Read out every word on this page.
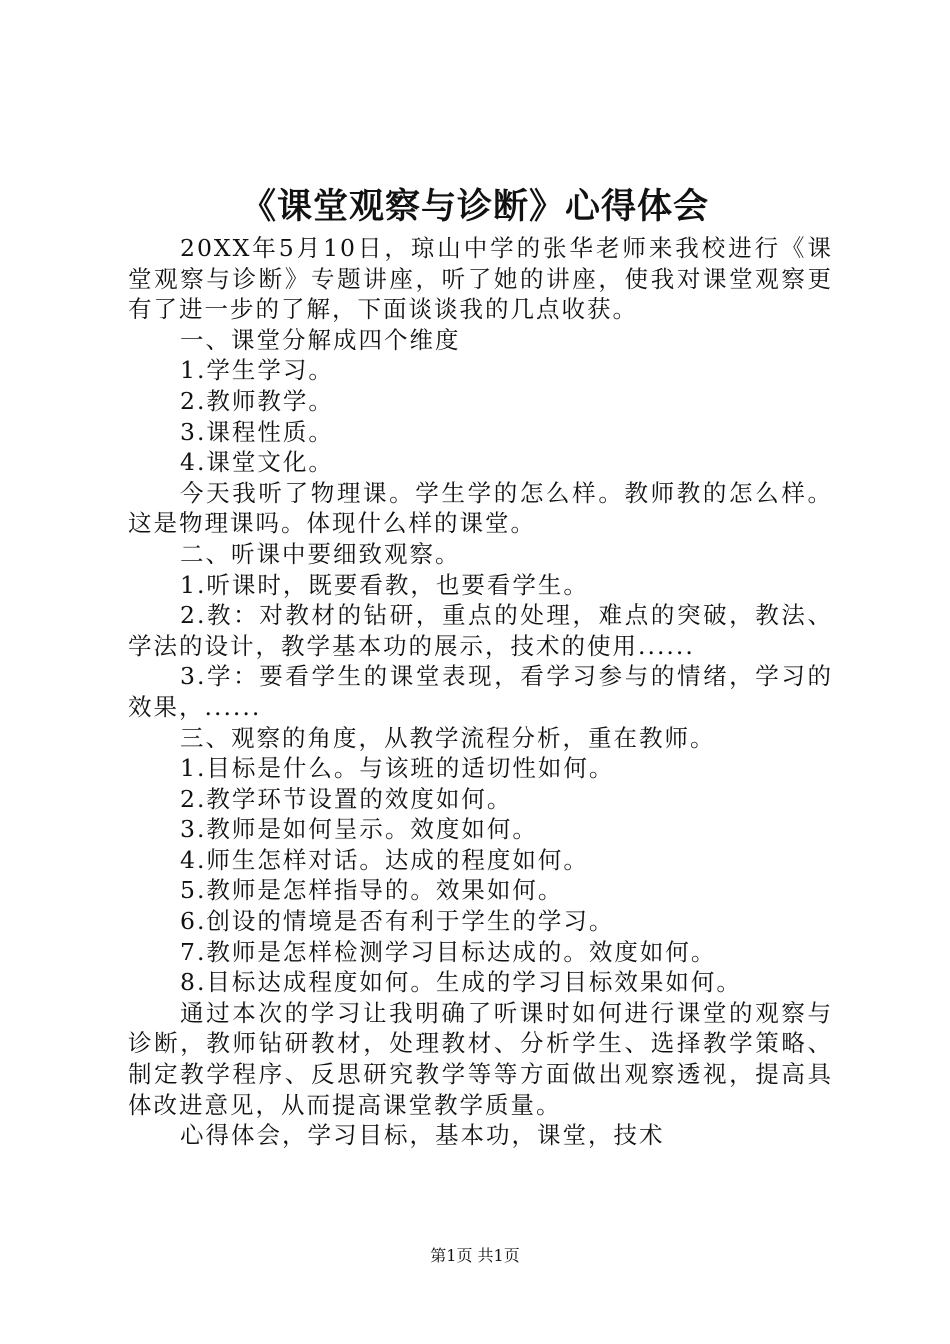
《课堂观察与诊断》心得体会

20XX年5月10日，琼山中学的张华老师来我校进行《课堂观察与诊断》专题讲座，听了她的讲座，使我对课堂观察更有了进一步的了解，下面谈谈我的几点收获。

一、课堂分解成四个维度

1.学生学习。

2.教师教学。

3.课程性质。

4.课堂文化。

今天我听了物理课。学生学的怎么样。教师教的怎么样。这是物理课吗。体现什么样的课堂。

二、听课中要细致观察。

1.听课时，既要看教，也要看学生。

2.教：对教材的钻研，重点的处理，难点的突破，教法、学法的设计，教学基本功的展示，技术的使用......

3.学：要看学生的课堂表现，看学习参与的情绪，学习的效果，......

三、观察的角度，从教学流程分析，重在教师。

1.目标是什么。与该班的适切性如何。

2.教学环节设置的效度如何。

3.教师是如何呈示。效度如何。

4.师生怎样对话。达成的程度如何。

5.教师是怎样指导的。效果如何。

6.创设的情境是否有利于学生的学习。

7.教师是怎样检测学习目标达成的。效度如何。

8.目标达成程度如何。生成的学习目标效果如何。

通过本次的学习让我明确了听课时如何进行课堂的观察与诊断，教师钻研教材，处理教材、分析学生、选择教学策略、制定教学程序、反思研究教学等等方面做出观察透视，提高具体改进意见，从而提高课堂教学质量。

心得体会，学习目标，基本功，课堂，技术

第1页 共1页
